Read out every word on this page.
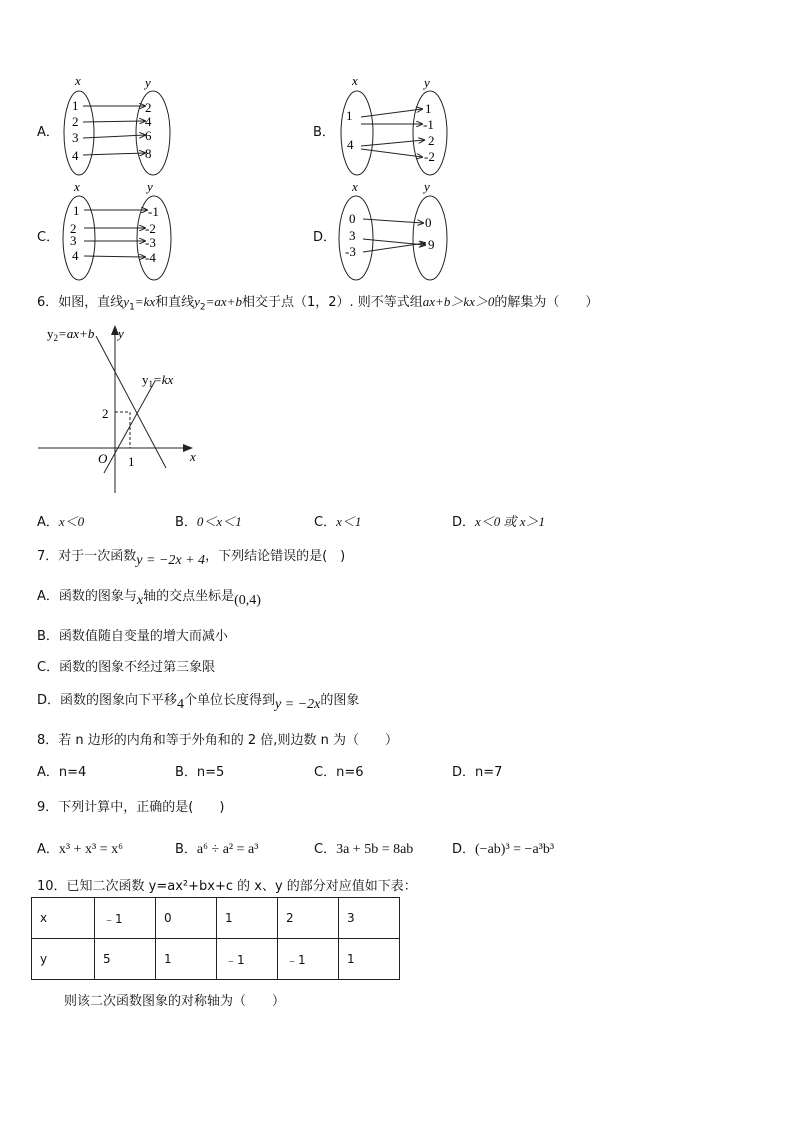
A．
x	y
1
2
3
4
2
4
6
8
B．
x	y
1
4
1
-1
2
-2
C．
x	y
1
2
3
4
-1
-2
-3
-4
D．
x	y
0
3
-3
0
9
6．如图，直线$y_1=kx$和直线$y_2=ax+b$相交于点（1，2）. 则不等式组ax+b＞kx＞0的解集为（　　）
$y_2=ax+b$ y
$y_1=kx$
2
O 1	x
A．x＜0	B．0＜x＜1	C．x＜1	D．x＜0 或 x＞1
7．对于一次函数y = −2x + 4，下列结论错误的是(　)
A．函数的图象与x轴的交点坐标是(0,4)
B．函数值随自变量的增大而减小
C．函数的图象不经过第三象限
D．函数的图象向下平移4个单位长度得到y = −2x的图象
8．若 n 边形的内角和等于外角和的 2 倍,则边数 n 为（　　）
A．n=4	B．n=5	C．n=6	D．n=7
9．下列计算中，正确的是(　　)
A．x³ + x³ = x⁶	B．a⁶ ÷ a² = a³	C．3a + 5b = 8ab	D．(−ab)³ = −a³b³
10．已知二次函数 y=ax²+bx+c 的 x、y 的部分对应值如下表：
x	﹣1	0	1	2	3
y	5	1	﹣1	﹣1	1
则该二次函数图象的对称轴为（　　）
